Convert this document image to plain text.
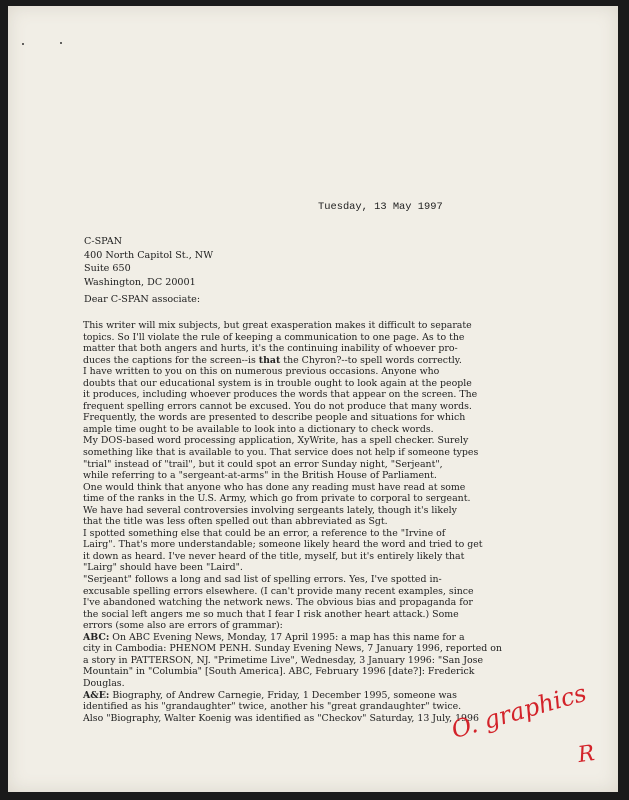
Tuesday, 13 May 1997
C-SPAN
400 North Capitol St., NW
Suite 650
Washington, DC 20001
Dear C-SPAN associate:
This writer will mix subjects, but great exasperation makes it difficult to separate
topics. So I'll violate the rule of keeping a communication to one page. As to the
matter that both angers and hurts, it's the continuing inability of whoever pro-
duces the captions for the screen--is that the Chyron?--to spell words correctly.
I have written to you on this on numerous previous occasions. Anyone who
doubts that our educational system is in trouble ought to look again at the people
it produces, including whoever produces the words that appear on the screen. The
frequent spelling errors cannot be excused. You do not produce that many words.
Frequently, the words are presented to describe people and situations for which
ample time ought to be available to look into a dictionary to check words.
My DOS-based word processing application, XyWrite, has a spell checker. Surely
something like that is available to you. That service does not help if someone types
"trial" instead of "trail", but it could spot an error Sunday night, "Serjeant",
while referring to a "sergeant-at-arms" in the British House of Parliament.
One would think that anyone who has done any reading must have read at some
time of the ranks in the U.S. Army, which go from private to corporal to sergeant.
We have had several controversies involving sergeants lately, though it's likely
that the title was less often spelled out than abbreviated as Sgt.
I spotted something else that could be an error, a reference to the "Irvine of
Lairg". That's more understandable; someone likely heard the word and tried to get
it down as heard. I've never heard of the title, myself, but it's entirely likely that
"Lairg" should have been "Laird".
"Serjeant" follows a long and sad list of spelling errors. Yes, I've spotted in-
excusable spelling errors elsewhere. (I can't provide many recent examples, since
I've abandoned watching the network news. The obvious bias and propaganda for
the social left angers me so much that I fear I risk another heart attack.) Some
errors (some also are errors of grammar):
ABC: On ABC Evening News, Monday, 17 April 1995: a map has this name for a
city in Cambodia: PHENOM PENH. Sunday Evening News, 7 January 1996, reported on
a story in PATTERSON, NJ. "Primetime Live", Wednesday, 3 January 1996: "San Jose
Mountain" in "Columbia" [South America]. ABC, February 1996 [date?]: Frederick
Douglas.
A&E: Biography, of Andrew Carnegie, Friday, 1 December 1995, someone was
identified as his "grandaughter" twice, another his "great grandaughter" twice.
Also "Biography, Walter Koenig was identified as "Checkov" Saturday, 13 July, 1996
O. graphics
R
